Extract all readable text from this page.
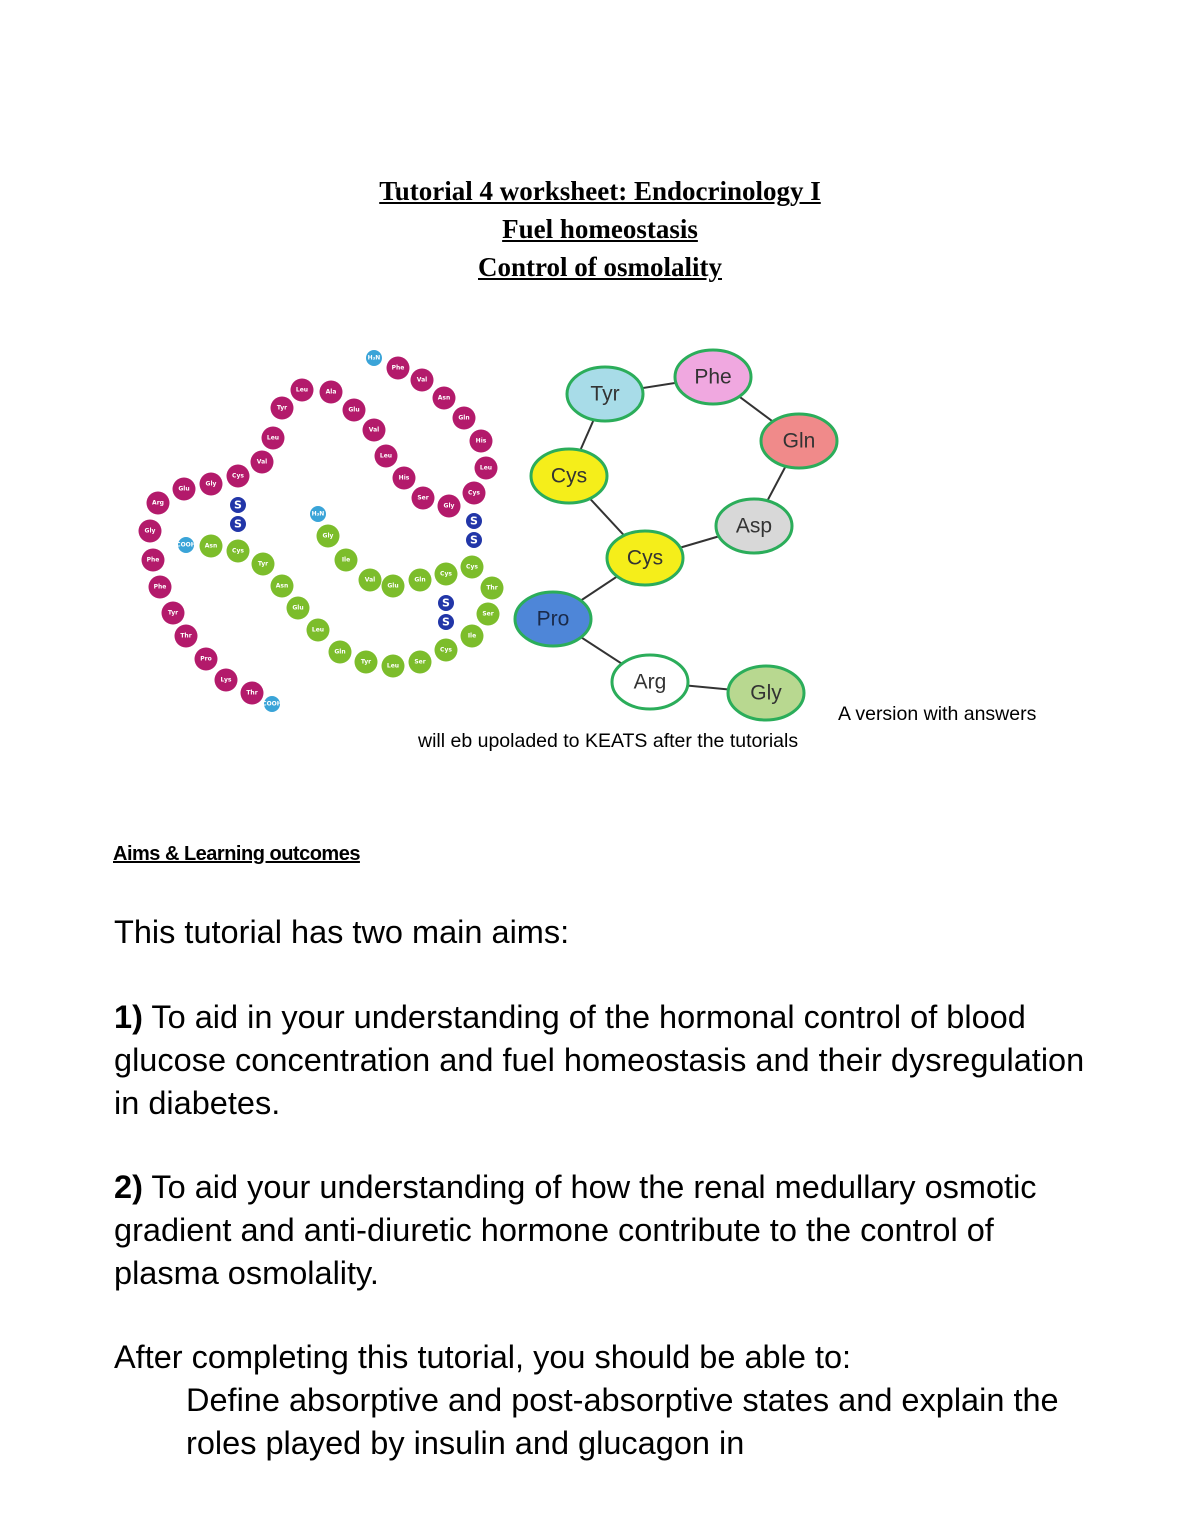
Tutorial 4 worksheet: Endocrinology I
Fuel homeostasis
Control of osmolality
Gly
Ile
Val
Glu
Gln
Cys
Cys
Thr
Ser
Ile
Cys
Ser
Leu
Tyr
Gln
Leu
Glu
Asn
Tyr
Cys
Asn
Phe
Val
Asn
Gln
His
Leu
Cys
Gly
Ser
His
Leu
Val
Glu
Ala
Leu
Tyr
Leu
Val
Cys
Gly
Glu
Arg
Gly
Phe
Phe
Tyr
Thr
Pro
Lys
Thr
H₃N
COOH
H₃N
COOH
S
S	S
S
S
S
Tyr
Phe
Gln
Asp
Cys
Cys
Pro
Arg	Gly
A version with answers
will eb upoladed to KEATS after the tutorials
Aims & Learning outcomes
This tutorial has two main aims:
1) To aid in your understanding of the hormonal control of blood glucose concentration and fuel homeostasis and their dysregulation in diabetes.
2) To aid your understanding of how the renal medullary osmotic gradient and anti-diuretic hormone contribute to the control of plasma osmolality.
After completing this tutorial, you should be able to:
Define absorptive and post-absorptive states and explain the roles played by insulin and glucagon in
